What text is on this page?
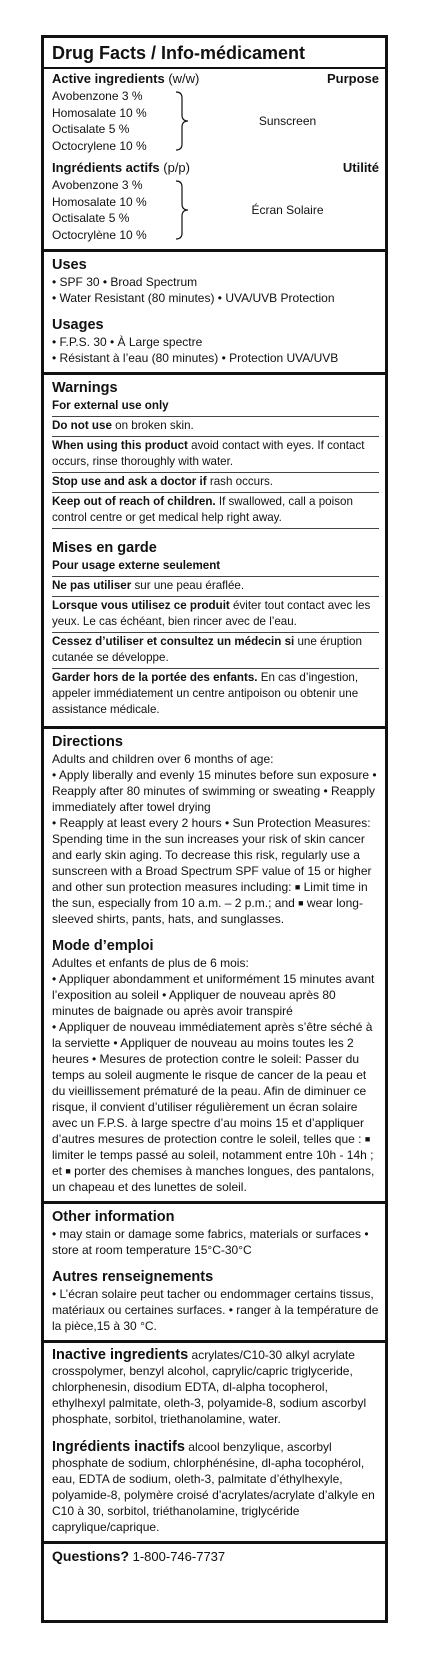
Drug Facts / Info-médicament
Active ingredients (w/w)	Purpose
Avobenzone 3 %
Homosalate 10 %
Octisalate 5 %
Octocrylene 10 %
Sunscreen
Ingrédients actifs (p/p)	Utilité
Avobenzone 3 %
Homosalate 10 %
Octisalate 5 %
Octocrylène 10 %
Écran Solaire
Uses

• SPF 30 • Broad Spectrum

• Water Resistant (80 minutes) • UVA/UVB Protection

Usages

• F.P.S. 30 • À Large spectre

• Résistant à l’eau (80 minutes) • Protection UVA/UVB

Warnings
For external use only
Do not use on broken skin.
When using this product avoid contact with eyes. If contact occurs, rinse thoroughly with water.
Stop use and ask a doctor if rash occurs.
Keep out of reach of children. If swallowed, call a poison control centre or get medical help right away.
Mises en garde
Pour usage externe seulement
Ne pas utiliser sur une peau éraflée.
Lorsque vous utilisez ce produit éviter tout contact avec les yeux. Le cas échéant, bien rincer avec de l’eau.
Cessez d’utiliser et consultez un médecin si une éruption cutanée se développe.
Garder hors de la portée des enfants. En cas d’ingestion, appeler immédiatement un centre antipoison ou obtenir une assistance médicale.
Directions

Adults and children over 6 months of age:

• Apply liberally and evenly 15 minutes before sun exposure • Reapply after 80 minutes of swimming or sweating • Reapply immediately after towel drying

• Reapply at least every 2 hours • Sun Protection Measures: Spending time in the sun increases your risk of skin cancer and early skin aging. To decrease this risk, regularly use a sunscreen with a Broad Spectrum SPF value of 15 or higher and other sun protection measures including: ■ Limit time in the sun, especially from 10 a.m. – 2 p.m.; and ■ wear long-sleeved shirts, pants, hats, and sunglasses.

Mode d’emploi

Adultes et enfants de plus de 6 mois:

• Appliquer abondamment et uniformément 15 minutes avant l’exposition au soleil • Appliquer de nouveau après 80 minutes de baignade ou après avoir transpiré

• Appliquer de nouveau immédiatement après s’être séché à la serviette • Appliquer de nouveau au moins toutes les 2 heures • Mesures de protection contre le soleil: Passer du temps au soleil augmente le risque de cancer de la peau et du vieillissement prématuré de la peau. Afin de diminuer ce risque, il convient d’utiliser régulièrement un écran solaire avec un F.P.S. à large spectre d’au moins 15 et d’appliquer d’autres mesures de protection contre le soleil, telles que : ■ limiter le temps passé au soleil, notamment entre 10h - 14h ; et ■ porter des chemises à manches longues, des pantalons, un chapeau et des lunettes de soleil.

Other information

• may stain or damage some fabrics, materials or surfaces • store at room temperature 15°C-30°C

Autres renseignements

• L’écran solaire peut tacher ou endommager certains tissus, matériaux ou certaines surfaces. • ranger à la température de la pièce,15 à 30 °C.

Inactive ingredients acrylates/C10-30 alkyl acrylate crosspolymer, benzyl alcohol, caprylic/capric triglyceride, chlorphenesin, disodium EDTA, dl-alpha tocopherol, ethylhexyl palmitate, oleth-3, polyamide-8, sodium ascorbyl phosphate, sorbitol, triethanolamine, water.

Ingrédients inactifs alcool benzylique, ascorbyl phosphate de sodium, chlorphénésine, dl-apha tocophérol, eau, EDTA de sodium, oleth-3, palmitate d’éthylhexyle, polyamide-8, polymère croisé d’acrylates/acrylate d’alkyle en C10 à 30, sorbitol, triéthanolamine, triglycéride caprylique/caprique.

Questions? 1-800-746-7737
